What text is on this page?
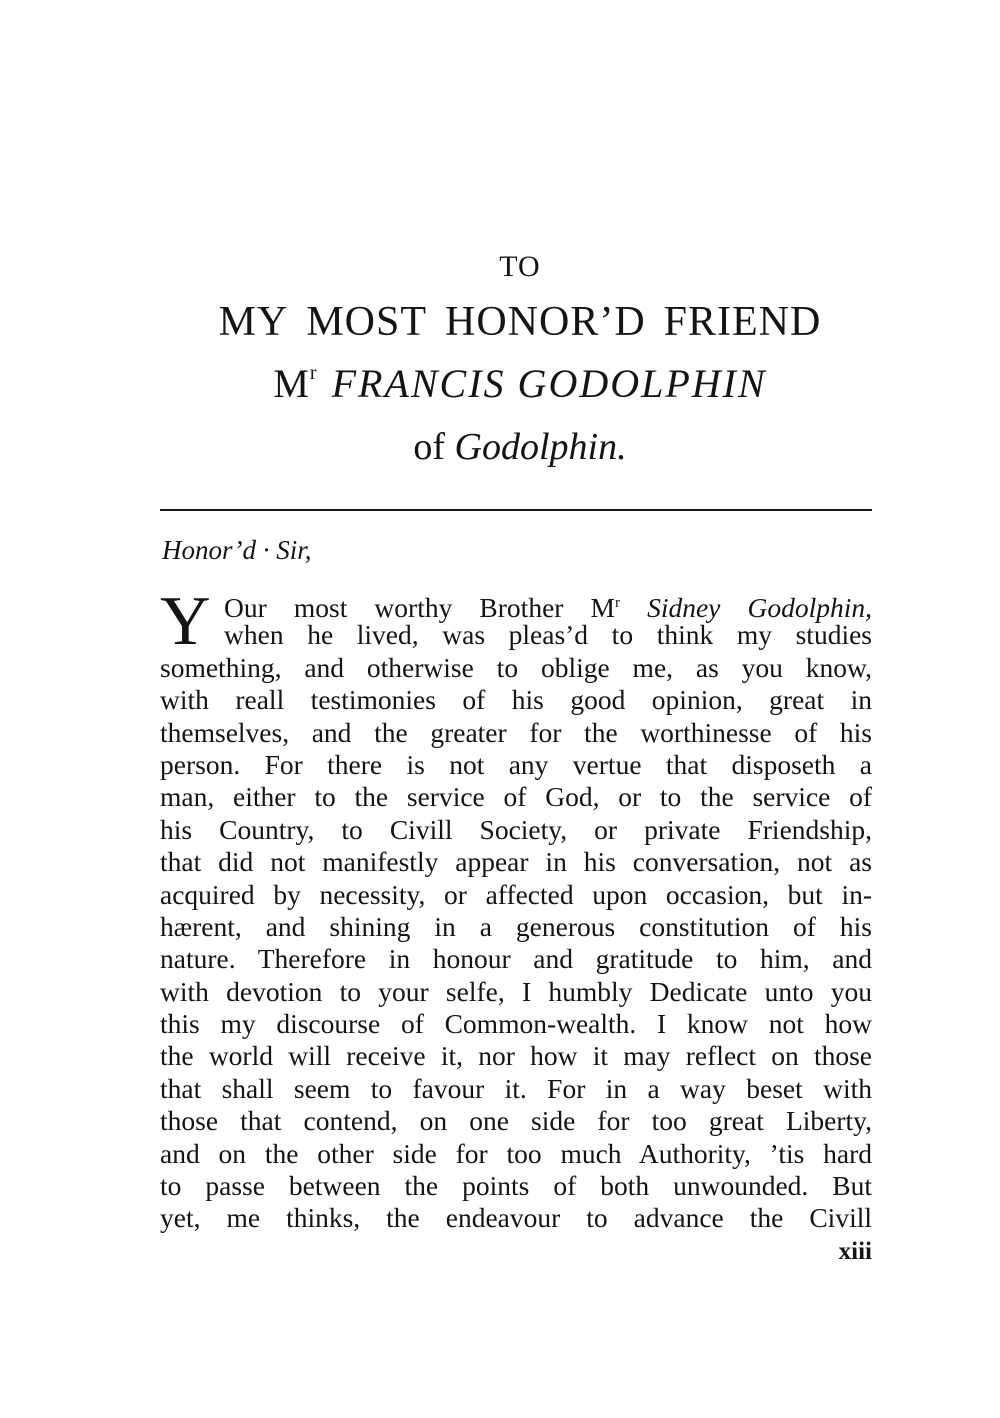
TO
MY MOST HONOR’D FRIEND
$M^r$ FRANCIS GODOLPHIN
of Godolphin.
Honor’d · Sir,
Y Our most worthy Brother $M^r$ Sidney Godolphin,
when he lived, was pleas’d to think my studies
something, and otherwise to oblige me, as you know,
with reall testimonies of his good opinion, great in
themselves, and the greater for the worthinesse of his
person. For there is not any vertue that disposeth a
man, either to the service of God, or to the service of
his Country, to Civill Society, or private Friendship,
that did not manifestly appear in his conversation, not as
acquired by necessity, or affected upon occasion, but in-
hærent, and shining in a generous constitution of his
nature. Therefore in honour and gratitude to him, and
with devotion to your selfe, I humbly Dedicate unto you
this my discourse of Common-wealth. I know not how
the world will receive it, nor how it may reflect on those
that shall seem to favour it. For in a way beset with
those that contend, on one side for too great Liberty,
and on the other side for too much Authority, ’tis hard
to passe between the points of both unwounded. But
yet, me thinks, the endeavour to advance the Civill
xiii
